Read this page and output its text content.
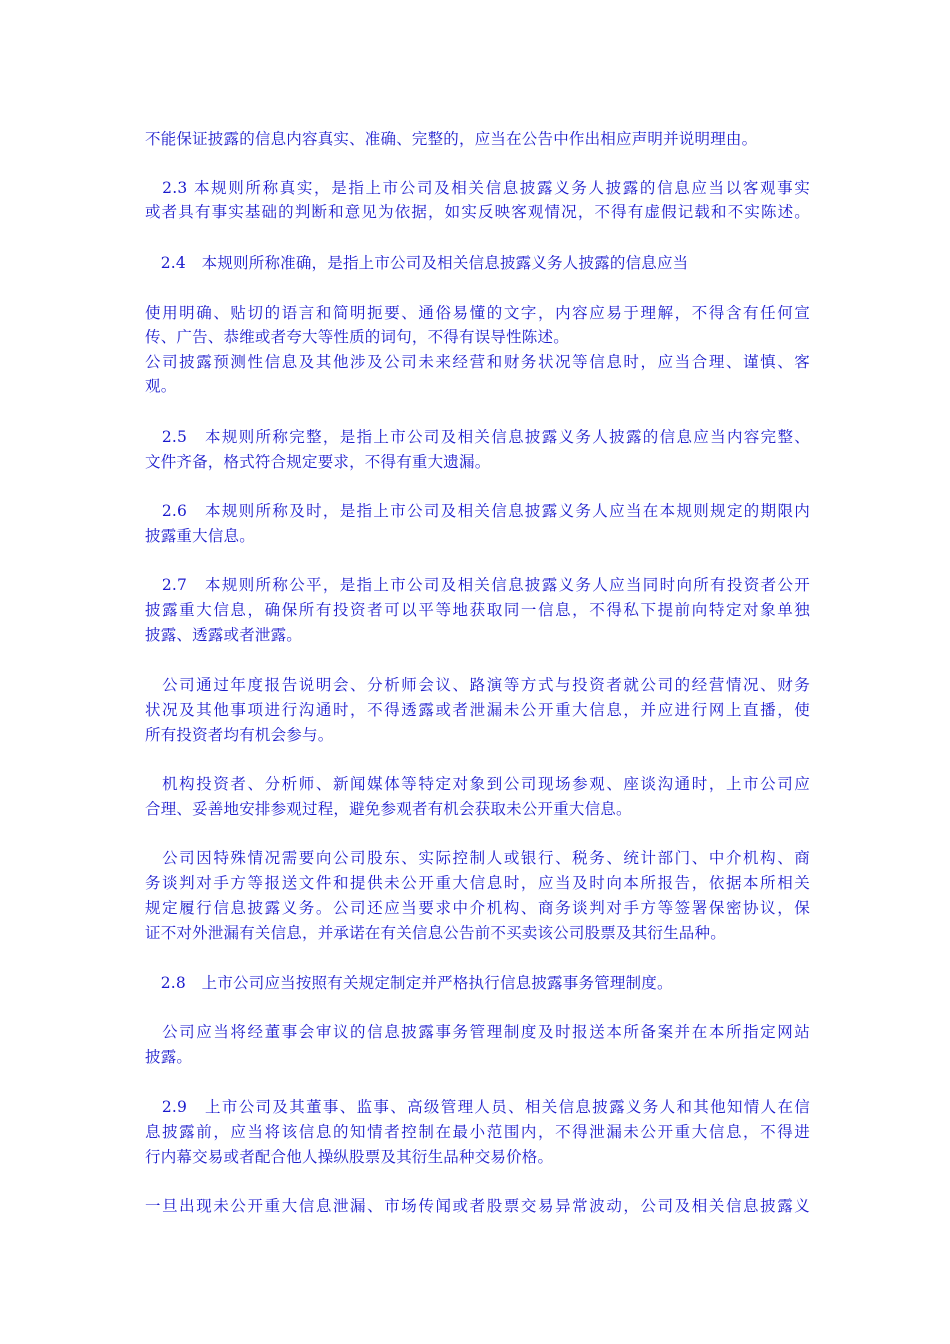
不能保证披露的信息内容真实、准确、完整的，应当在公告中作出相应声明并说明理由。

　2.3 本规则所称真实，是指上市公司及相关信息披露义务人披露的信息应当以客观事实

或者具有事实基础的判断和意见为依据，如实反映客观情况，不得有虚假记载和不实陈述。

　2.4　本规则所称准确，是指上市公司及相关信息披露义务人披露的信息应当

使用明确、贴切的语言和简明扼要、通俗易懂的文字，内容应易于理解，不得含有任何宣

传、广告、恭维或者夸大等性质的词句，不得有误导性陈述。

公司披露预测性信息及其他涉及公司未来经营和财务状况等信息时，应当合理、谨慎、客

观。

　2.5　本规则所称完整，是指上市公司及相关信息披露义务人披露的信息应当内容完整、

文件齐备，格式符合规定要求，不得有重大遗漏。

　2.6　本规则所称及时，是指上市公司及相关信息披露义务人应当在本规则规定的期限内

披露重大信息。

　2.7　本规则所称公平，是指上市公司及相关信息披露义务人应当同时向所有投资者公开

披露重大信息，确保所有投资者可以平等地获取同一信息，不得私下提前向特定对象单独

披露、透露或者泄露。

　公司通过年度报告说明会、分析师会议、路演等方式与投资者就公司的经营情况、财务

状况及其他事项进行沟通时，不得透露或者泄漏未公开重大信息，并应进行网上直播，使

所有投资者均有机会参与。

　机构投资者、分析师、新闻媒体等特定对象到公司现场参观、座谈沟通时，上市公司应

合理、妥善地安排参观过程，避免参观者有机会获取未公开重大信息。

　公司因特殊情况需要向公司股东、实际控制人或银行、税务、统计部门、中介机构、商

务谈判对手方等报送文件和提供未公开重大信息时，应当及时向本所报告，依据本所相关

规定履行信息披露义务。公司还应当要求中介机构、商务谈判对手方等签署保密协议，保

证不对外泄漏有关信息，并承诺在有关信息公告前不买卖该公司股票及其衍生品种。

　2.8　上市公司应当按照有关规定制定并严格执行信息披露事务管理制度。

　公司应当将经董事会审议的信息披露事务管理制度及时报送本所备案并在本所指定网站

披露。

　2.9　上市公司及其董事、监事、高级管理人员、相关信息披露义务人和其他知情人在信

息披露前，应当将该信息的知情者控制在最小范围内，不得泄漏未公开重大信息，不得进

行内幕交易或者配合他人操纵股票及其衍生品种交易价格。

一旦出现未公开重大信息泄漏、市场传闻或者股票交易异常波动，公司及相关信息披露义
